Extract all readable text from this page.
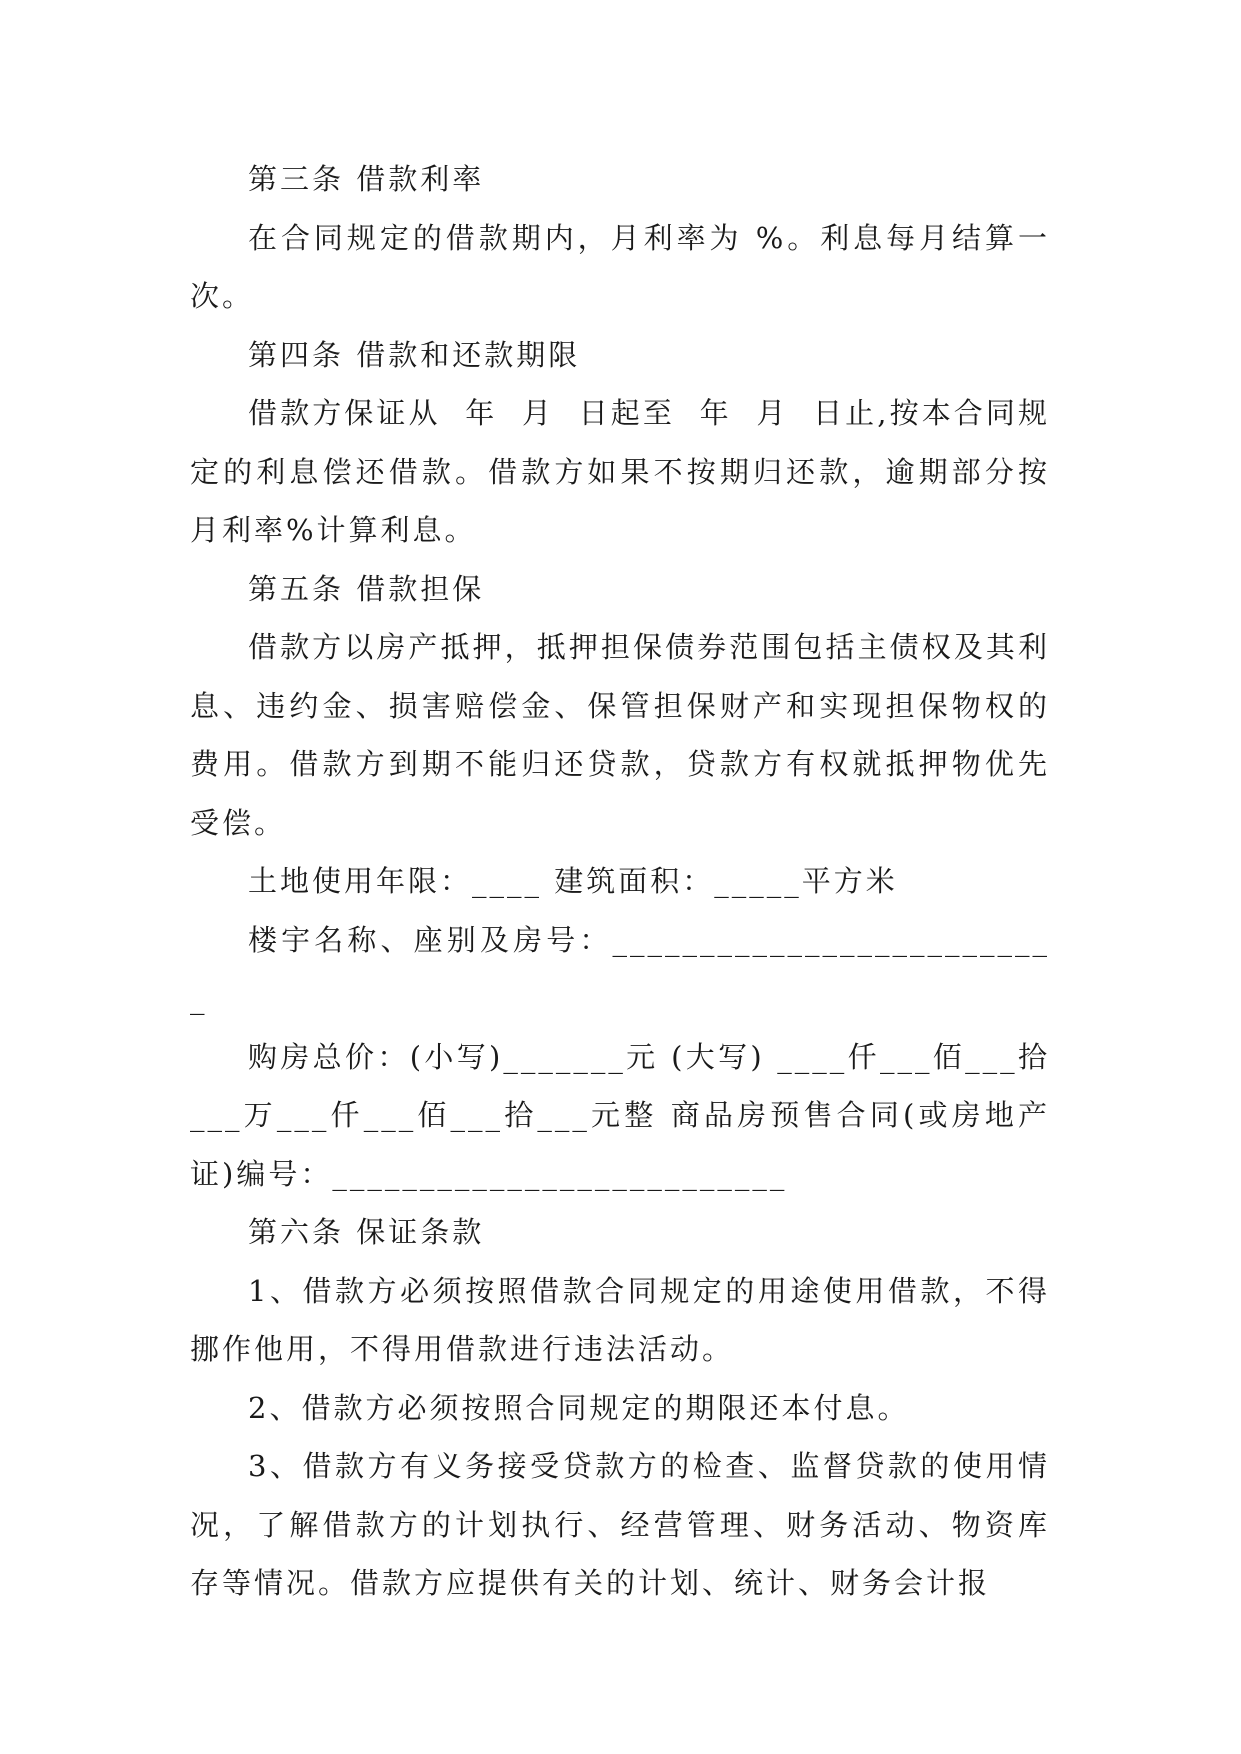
第三条 借款利率

在合同规定的借款期内，月利率为 %。利息每月结算一次。

第四条 借款和还款期限

借款方保证从  年  月  日起至  年  月  日止,按本合同规定的利息偿还借款。借款方如果不按期归还款，逾期部分按月利率%计算利息。

第五条 借款担保

借款方以房产抵押，抵押担保债券范围包括主债权及其利息、违约金、损害赔偿金、保管担保财产和实现担保物权的费用。借款方到期不能归还贷款，贷款方有权就抵押物优先受偿。

土地使用年限：____ 建筑面积：_____平方米

楼宇名称、座别及房号：__________________________

购房总价：(小写)_______元 (大写) ____仟___佰___拾___万___仟___佰___拾___元整 商品房预售合同(或房地产证)编号：__________________________

第六条 保证条款

1、借款方必须按照借款合同规定的用途使用借款，不得挪作他用，不得用借款进行违法活动。

2、借款方必须按照合同规定的期限还本付息。

3、借款方有义务接受贷款方的检查、监督贷款的使用情况，了解借款方的计划执行、经营管理、财务活动、物资库存等情况。借款方应提供有关的计划、统计、财务会计报
